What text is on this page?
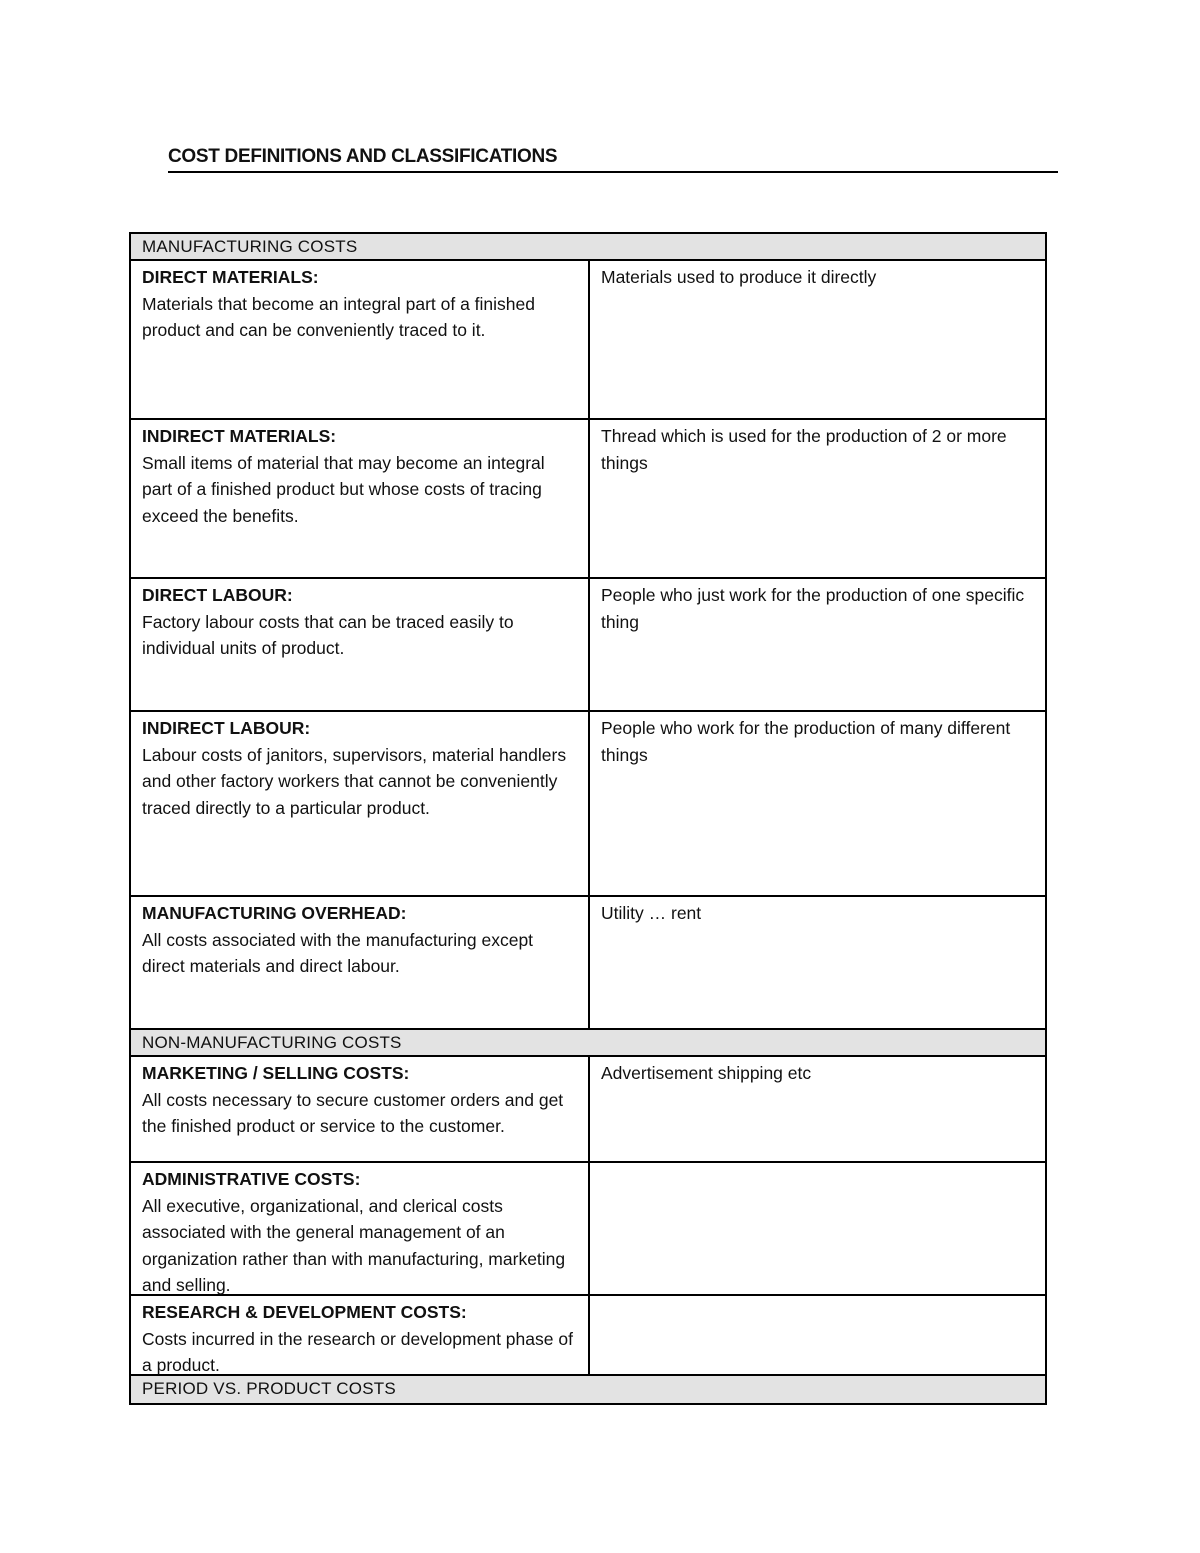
COST DEFINITIONS AND CLASSIFICATIONS
MANUFACTURING COSTS
DIRECT MATERIALS:
Materials that become an integral part of a finished product and can be conveniently traced to it.
Materials used to produce it directly
INDIRECT MATERIALS:
Small items of material that may become an integral part of a finished product but whose costs of tracing exceed the benefits.
Thread which is used for the production of 2 or more things
DIRECT LABOUR:
Factory labour costs that can be traced easily to individual units of product.
People who just work for the production of one specific thing
INDIRECT LABOUR:
Labour costs of janitors, supervisors, material handlers and other factory workers that cannot be conveniently traced directly to a particular product.
People who work for the production of many different things
MANUFACTURING OVERHEAD:
All costs associated with the manufacturing except direct materials and direct labour.
Utility … rent
NON-MANUFACTURING COSTS
MARKETING / SELLING COSTS:
All costs necessary to secure customer orders and get the finished product or service to the customer.
Advertisement shipping etc
ADMINISTRATIVE COSTS:
All executive, organizational, and clerical costs associated with the general management of an organization rather than with manufacturing, marketing and selling.
RESEARCH & DEVELOPMENT COSTS:
Costs incurred in the research or development phase of a product.
PERIOD VS. PRODUCT COSTS
